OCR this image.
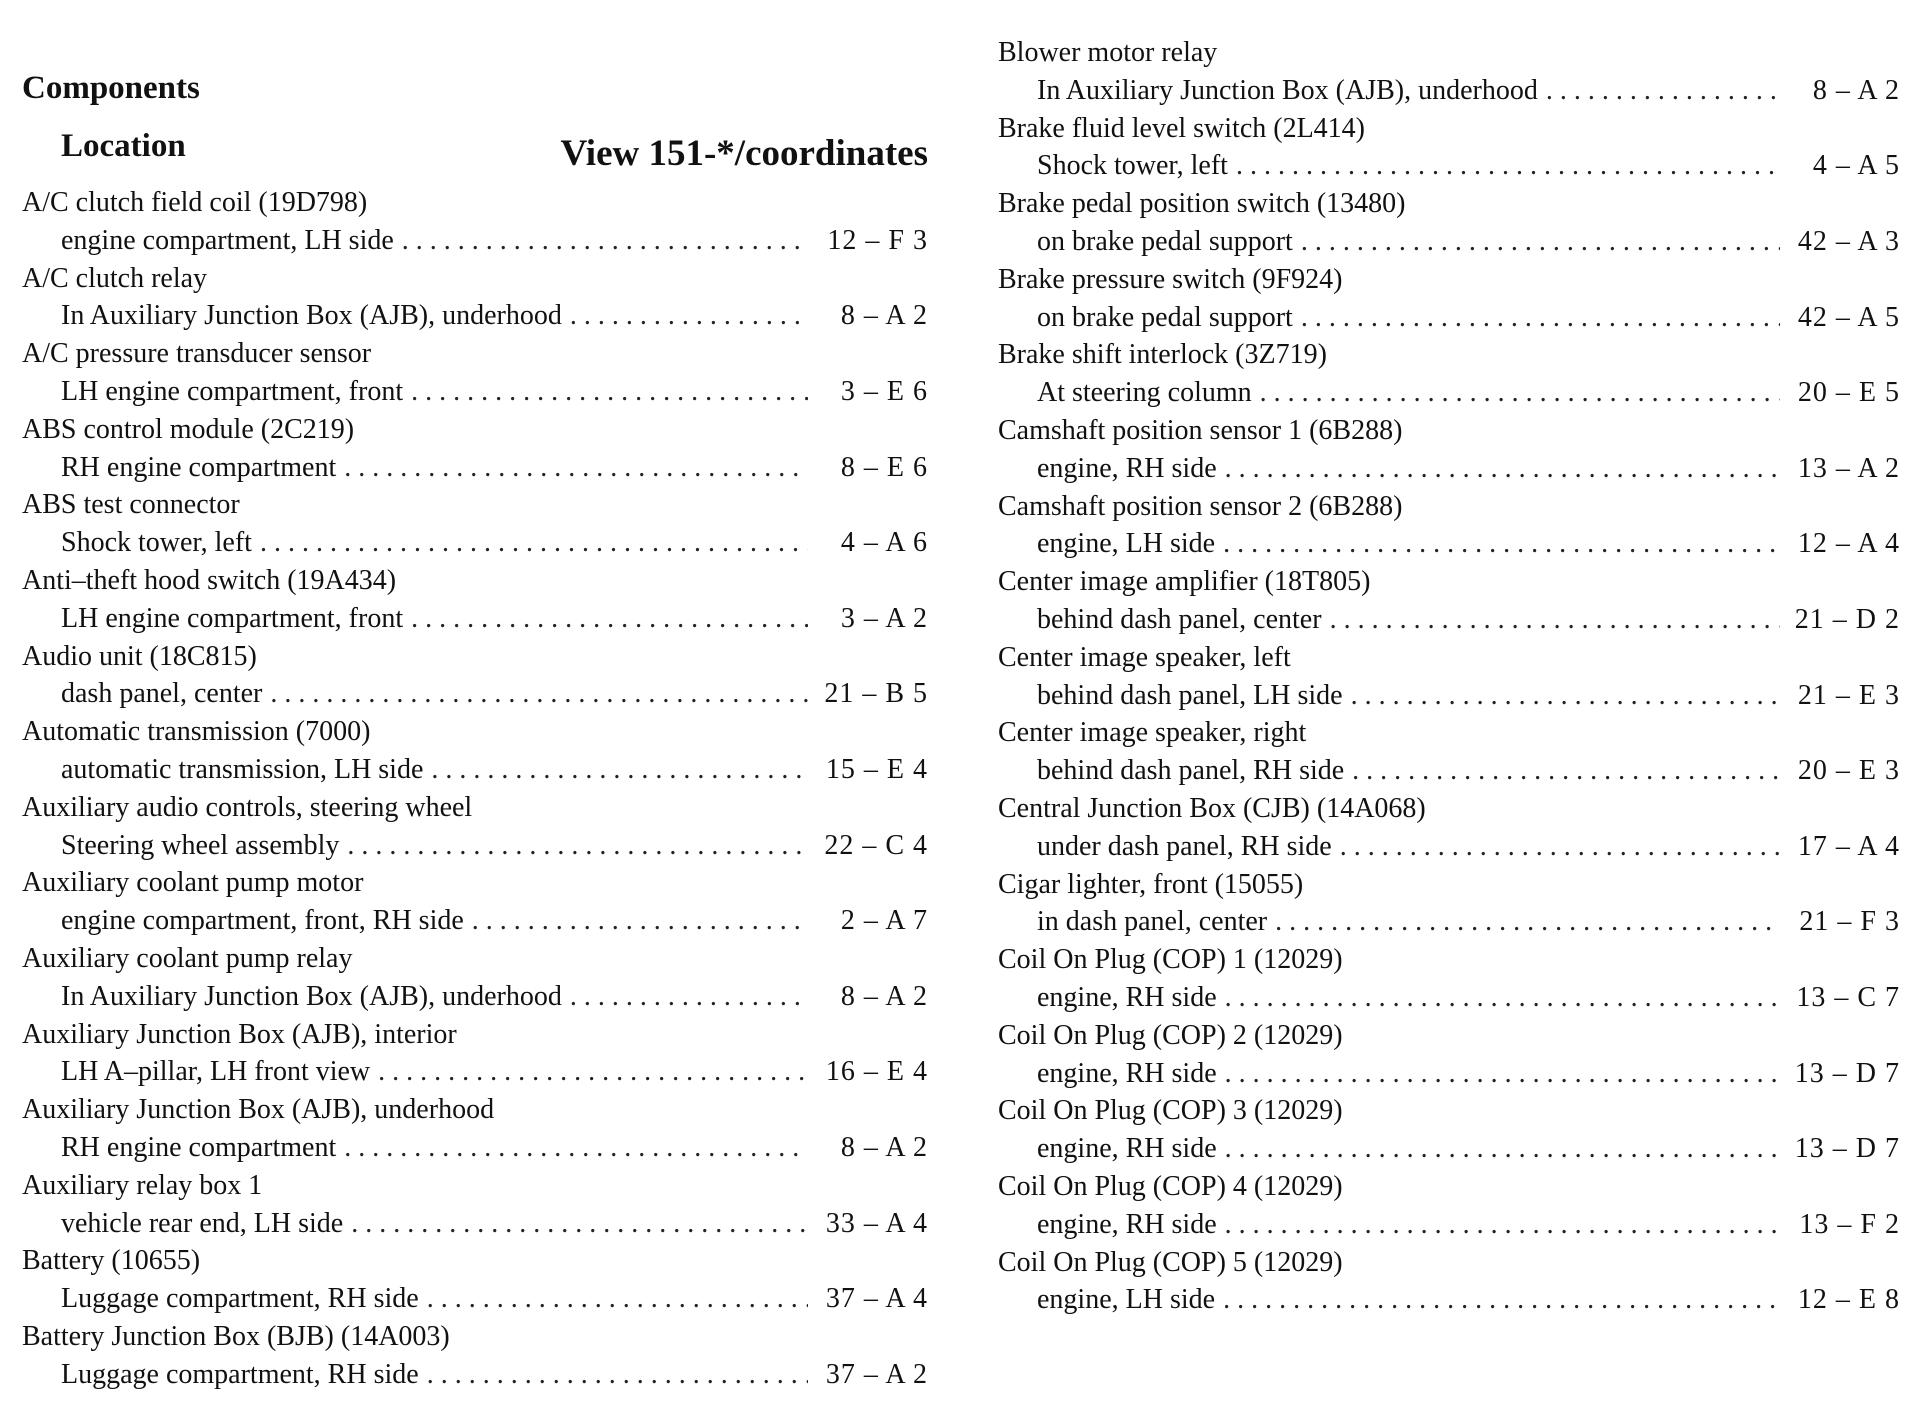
Components
Location	View 151-*/coordinates
A/C clutch field coil (19D798)
engine compartment, LH side . . .	12 – F 3
A/C clutch relay
In Auxiliary Junction Box (AJB), underhood . . .	8 – A 2
A/C pressure transducer sensor
LH engine compartment, front . . .	3 – E 6
ABS control module (2C219)
RH engine compartment . . .	8 – E 6
ABS test connector
Shock tower, left . . .	4 – A 6
Anti–theft hood switch (19A434)
LH engine compartment, front . . .	3 – A 2
Audio unit (18C815)
dash panel, center . . .	21 – B 5
Automatic transmission (7000)
automatic transmission, LH side . . .	15 – E 4
Auxiliary audio controls, steering wheel
Steering wheel assembly . . .	22 – C 4
Auxiliary coolant pump motor
engine compartment, front, RH side . . .	2 – A 7
Auxiliary coolant pump relay
In Auxiliary Junction Box (AJB), underhood . . .	8 – A 2
Auxiliary Junction Box (AJB), interior
LH A–pillar, LH front view . . .	16 – E 4
Auxiliary Junction Box (AJB), underhood
RH engine compartment . . .	8 – A 2
Auxiliary relay box 1
vehicle rear end, LH side . . .	33 – A 4
Battery (10655)
Luggage compartment, RH side . . .	37 – A 4
Battery Junction Box (BJB) (14A003)
Luggage compartment, RH side . . .	37 – A 2
Blower motor relay
In Auxiliary Junction Box (AJB), underhood . . .	8 – A 2
Brake fluid level switch (2L414)
Shock tower, left . . .	4 – A 5
Brake pedal position switch (13480)
on brake pedal support . . .	42 – A 3
Brake pressure switch (9F924)
on brake pedal support . . .	42 – A 5
Brake shift interlock (3Z719)
At steering column . . .	20 – E 5
Camshaft position sensor 1 (6B288)
engine, RH side . . .	13 – A 2
Camshaft position sensor 2 (6B288)
engine, LH side . . .	12 – A 4
Center image amplifier (18T805)
behind dash panel, center . . .	21 – D 2
Center image speaker, left
behind dash panel, LH side . . .	21 – E 3
Center image speaker, right
behind dash panel, RH side . . .	20 – E 3
Central Junction Box (CJB) (14A068)
under dash panel, RH side . . .	17 – A 4
Cigar lighter, front (15055)
in dash panel, center . . .	21 – F 3
Coil On Plug (COP) 1 (12029)
engine, RH side . . .	13 – C 7
Coil On Plug (COP) 2 (12029)
engine, RH side . . .	13 – D 7
Coil On Plug (COP) 3 (12029)
engine, RH side . . .	13 – D 7
Coil On Plug (COP) 4 (12029)
engine, RH side . . .	13 – F 2
Coil On Plug (COP) 5 (12029)
engine, LH side . . .	12 – E 8
